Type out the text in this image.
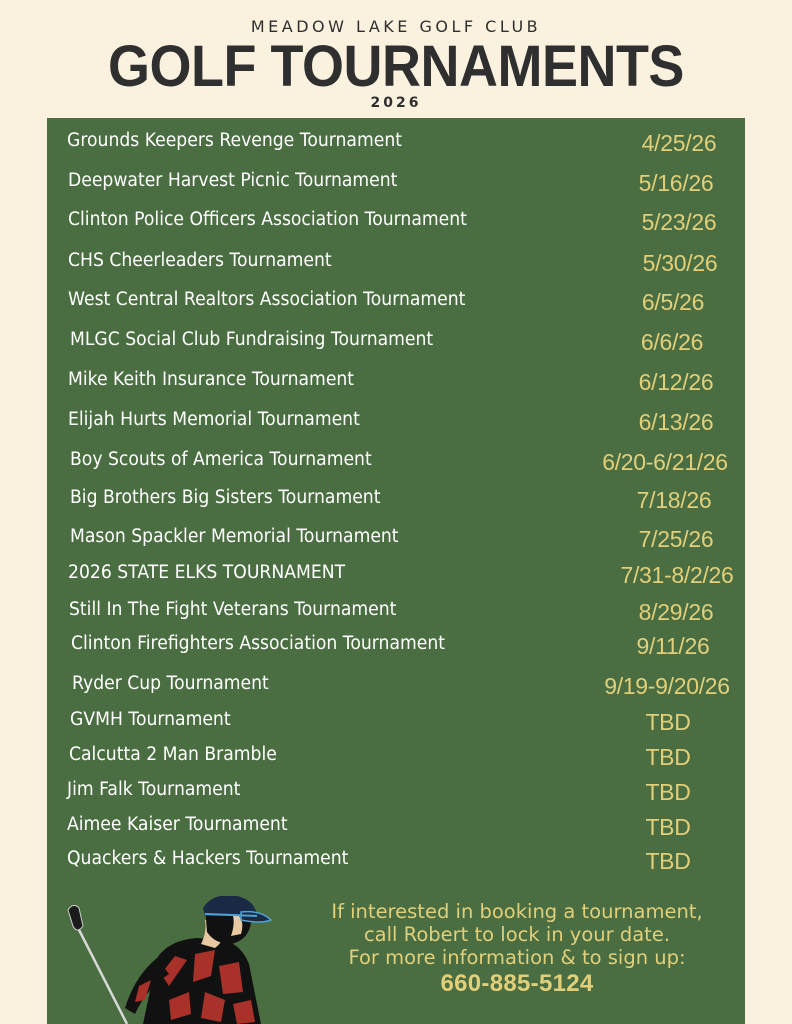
MEADOW LAKE GOLF CLUB
GOLF TOURNAMENTS
2026
Grounds Keepers Revenge Tournament	4/25/26
Deepwater Harvest Picnic Tournament	5/16/26
Clinton Police Officers Association Tournament	5/23/26
CHS Cheerleaders Tournament	5/30/26
West Central Realtors Association Tournament	6/5/26
MLGC Social Club Fundraising Tournament	6/6/26
Mike Keith Insurance Tournament	6/12/26
Elijah Hurts Memorial Tournament	6/13/26
Boy Scouts of America Tournament	6/20-6/21/26
Big Brothers Big Sisters Tournament	7/18/26
Mason Spackler Memorial Tournament	7/25/26
2026 STATE ELKS TOURNAMENT	7/31-8/2/26
Still In The Fight Veterans Tournament	8/29/26
Clinton Firefighters Association Tournament	9/11/26
Ryder Cup Tournament	9/19-9/20/26
GVMH Tournament	TBD
Calcutta 2 Man Bramble	TBD
Jim Falk Tournament	TBD
Aimee Kaiser Tournament	TBD
Quackers & Hackers Tournament	TBD
If interested in booking a tournament,
call Robert to lock in your date.
For more information & to sign up:
660-885-5124
